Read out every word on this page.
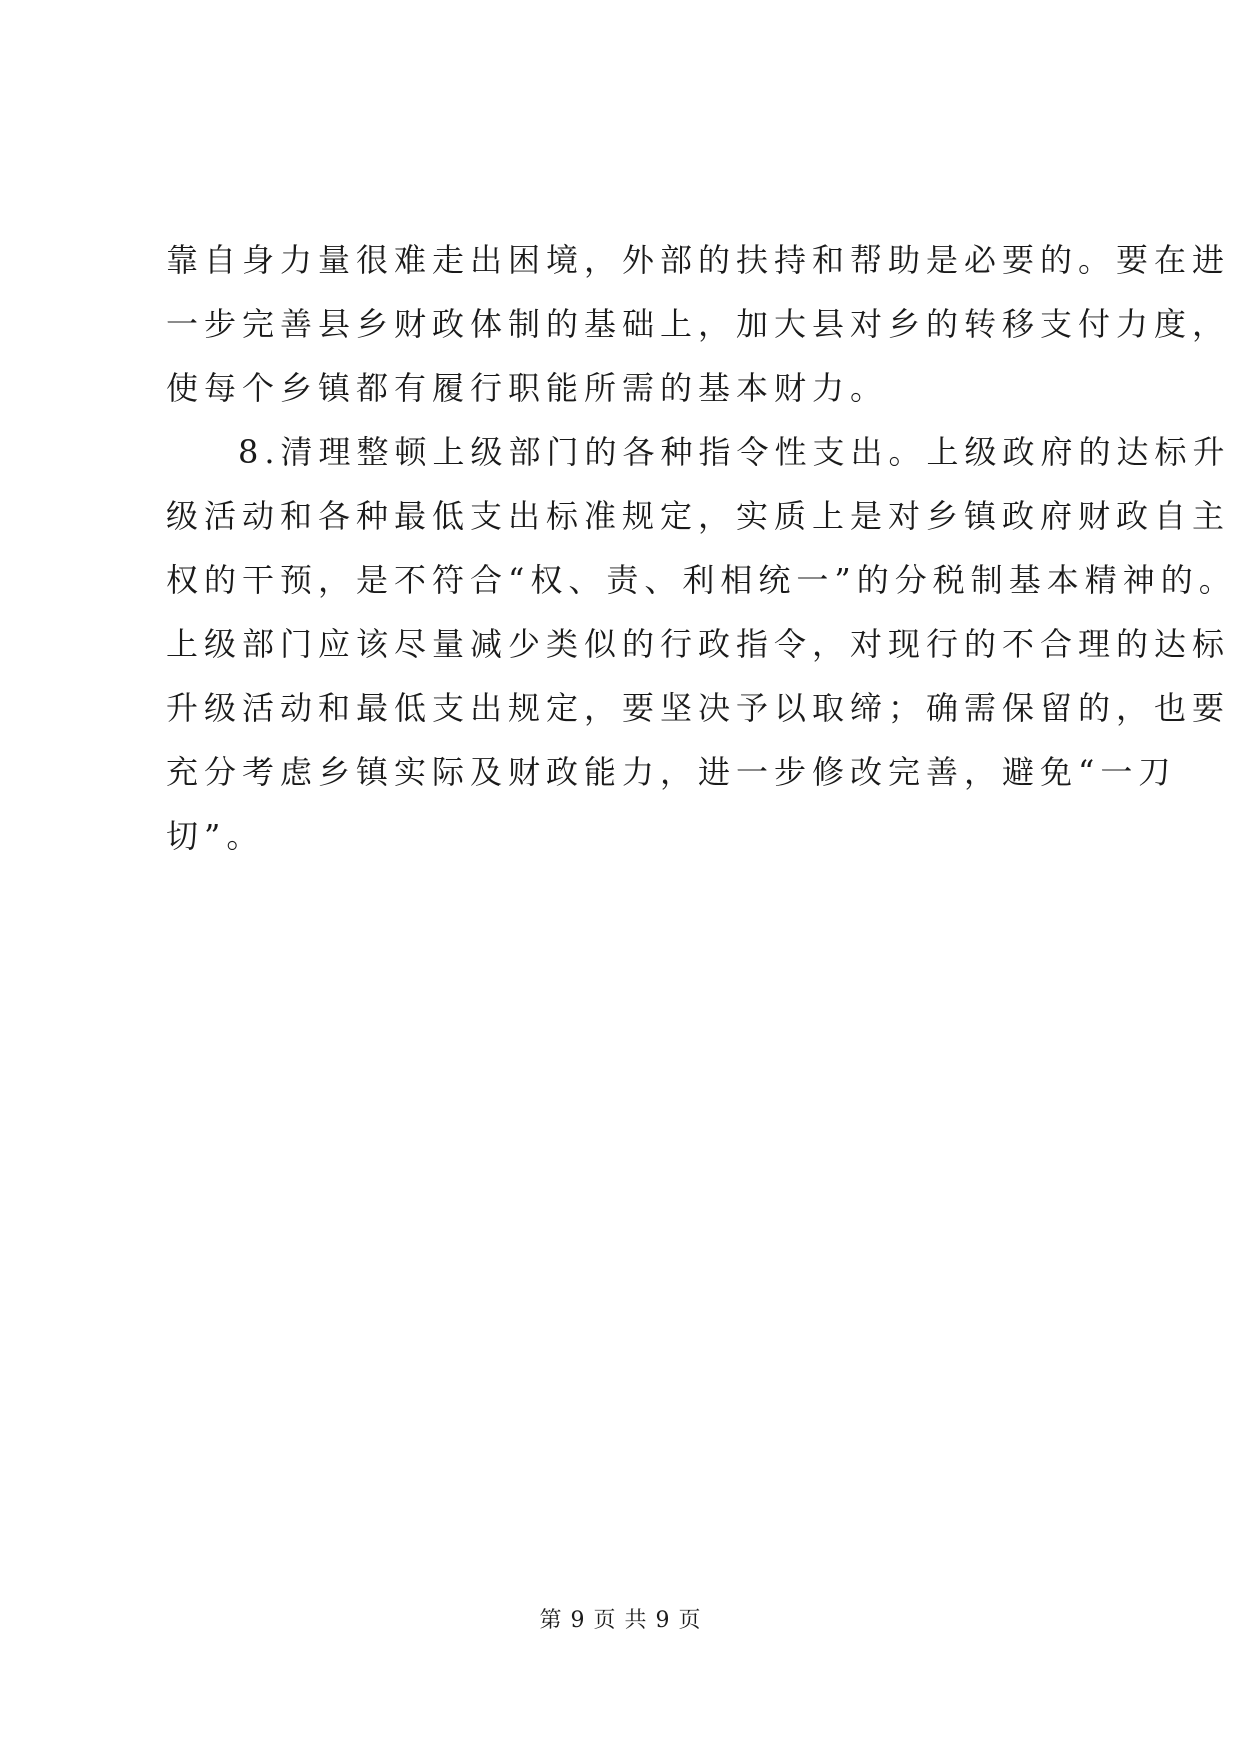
靠自身力量很难走出困境，外部的扶持和帮助是必要的。要在进
一步完善县乡财政体制的基础上，加大县对乡的转移支付力度，
使每个乡镇都有履行职能所需的基本财力。
8.清理整顿上级部门的各种指令性支出。上级政府的达标升
级活动和各种最低支出标准规定，实质上是对乡镇政府财政自主
权的干预，是不符合“权、责、利相统一”的分税制基本精神的。
上级部门应该尽量减少类似的行政指令，对现行的不合理的达标
升级活动和最低支出规定，要坚决予以取缔；确需保留的，也要
充分考虑乡镇实际及财政能力，进一步修改完善，避免“一刀
切”。
第 9 页 共 9 页
